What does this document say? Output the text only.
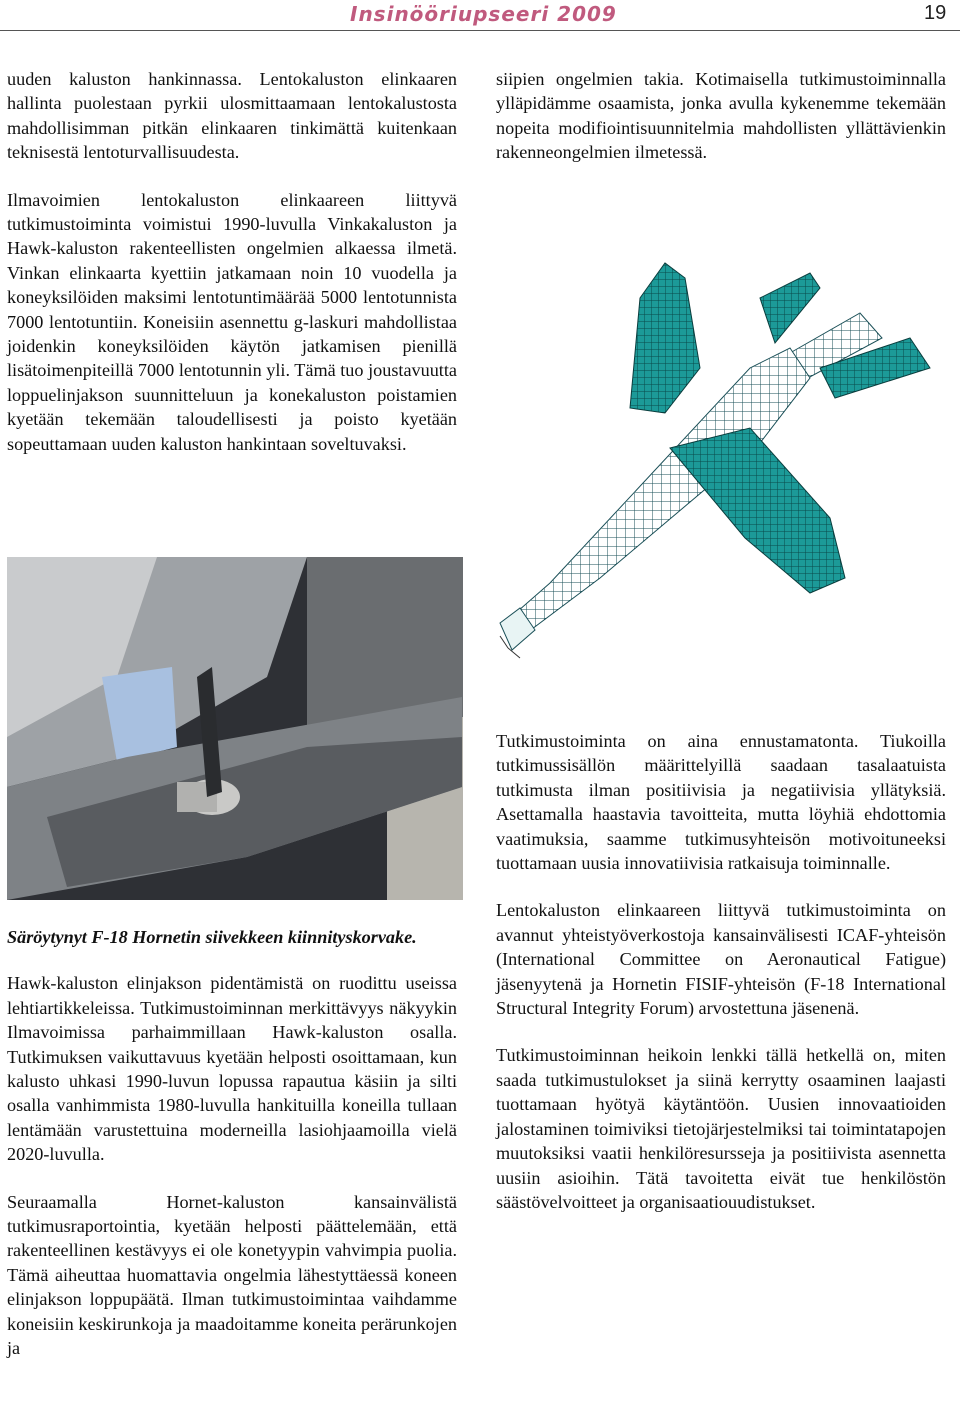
Insinööriupseeri 2009	19

uuden kaluston hankinnassa. Lentokaluston elinkaaren hallinta puolestaan pyrkii ulosmittaamaan lentokalustosta mahdollisimman pitkän elinkaaren tinkimättä kuitenkaan teknisestä lentoturvallisuudesta.

Ilmavoimien lentokaluston elinkaareen liittyvä tutkimustoiminta voimistui 1990-luvulla Vinkakaluston ja Hawk-kaluston rakenteellisten ongelmien alkaessa ilmetä. Vinkan elinkaarta kyettiin jatkamaan noin 10 vuodella ja koneyksilöiden maksimi lentotuntimäärää 5000 lentotunnista 7000 lentotuntiin. Koneisiin asennettu g-laskuri mahdollistaa joidenkin koneyksilöiden käytön jatkamisen pienillä lisätoimenpiteillä 7000 lentotunnin yli. Tämä tuo joustavuutta loppuelinjakson suunnitteluun ja konekaluston poistamien kyetään tekemään taloudellisesti ja poisto kyetään sopeuttamaan uuden kaluston hankintaan soveltuvaksi.

Säröytynyt F-18 Hornetin siivekkeen kiinnityskorvake.

Hawk-kaluston elinjakson pidentämistä on ruodittu useissa lehtiartikkeleissa. Tutkimustoiminnan merkittävyys näkyykin Ilmavoimissa parhaimmillaan Hawk-kaluston osalla. Tutkimuksen vaikuttavuus kyetään helposti osoittamaan, kun kalusto uhkasi 1990-luvun lopussa rapautua käsiin ja silti osalla vanhimmista 1980-luvulla hankituilla koneilla tullaan lentämään varustettuina moderneilla lasiohjaamoilla vielä 2020-luvulla.

Seuraamalla Hornet-kaluston kansainvälistä tutkimusraportointia, kyetään helposti päättelemään, että rakenteellinen kestävyys ei ole konetyypin vahvimpia puolia. Tämä aiheuttaa huomattavia ongelmia lähestyttäessä koneen elinjakson loppupäätä. Ilman tutkimustoimintaa vaihdamme koneisiin keskirunkoja ja maadoitamme koneita perärunkojen ja

siipien ongelmien takia. Kotimaisella tutkimustoiminnalla ylläpidämme osaamista, jonka avulla kykenemme tekemään nopeita modifiointisuunnitelmia mahdollisten yllättävienkin rakenneongelmien ilmetessä.

Tutkimustoiminta on aina ennustamatonta. Tiukoilla tutkimussisällön määrittelyillä saadaan tasalaatuista tutkimusta ilman positiivisia ja negatiivisia yllätyksiä. Asettamalla haastavia tavoitteita, mutta löyhiä ehdottomia vaatimuksia, saamme tutkimusyhteisön motivoituneeksi tuottamaan uusia innovatiivisia ratkaisuja toiminnalle.

Lentokaluston elinkaareen liittyvä tutkimustoiminta on avannut yhteistyöverkostoja kansainvälisesti ICAF-yhteisön (International Committee on Aeronautical Fatigue) jäsenyytenä ja Hornetin FISIF-yhteisön (F-18 International Structural Integrity Forum) arvostettuna jäsenenä.

Tutkimustoiminnan heikoin lenkki tällä hetkellä on, miten saada tutkimustulokset ja siinä kerrytty osaaminen laajasti tuottamaan hyötyä käytäntöön. Uusien innovaatioiden jalostaminen toimiviksi tietojärjestelmiksi tai toimintatapojen muutoksiksi vaatii henkilöresursseja ja positiivista asennetta uusiin asioihin. Tätä tavoitetta eivät tue henkilöstön säästövelvoitteet ja organisaatiouudistukset.
